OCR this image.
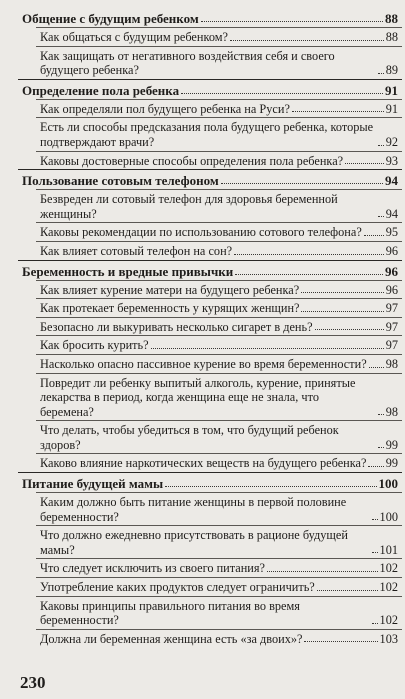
Общение с будущим ребенком	88
Как общаться с будущим ребенком?	88
Как защищать от негативного воздействия себя и своего будущего ребенка?	89
Определение пола ребенка	91
Как определяли пол будущего ребенка на Руси?	91
Есть ли способы предсказания пола будущего ребенка, которые подтверждают врачи?	92
Каковы достоверные способы определения пола ребенка?	93
Пользование сотовым телефоном	94
Безвреден ли сотовый телефон для здоровья беременной женщины?	94
Каковы рекомендации по использованию сотового телефона? 95
Как влияет сотовый телефон на сон?	96
Беременность и вредные привычки	96
Как влияет курение матери на будущего ребенка?	96
Как протекает беременность у курящих женщин?	97
Безопасно ли выкуривать несколько сигарет в день?	97
Как бросить курить?	97
Насколько опасно пассивное курение во время беременности? 98
Повредит ли ребенку выпитый алкоголь, курение, принятые лекарства в период, когда женщина еще не знала, что беремена?	98
Что делать, чтобы убедиться в том, что будущий ребенок здоров?	99
Каково влияние наркотических веществ на будущего ребенка? 99
Питание будущей мамы	100
Каким должно быть питание женщины в первой половине беременности?	100
Что должно ежедневно присутствовать в рационе будущей мамы?	101
Что следует исключить из своего питания?	102
Употребление каких продуктов следует ограничить?	102
Каковы принципы правильного питания во время беременности?	102
Должна ли беременная женщина есть «за двоих»?	103
230
